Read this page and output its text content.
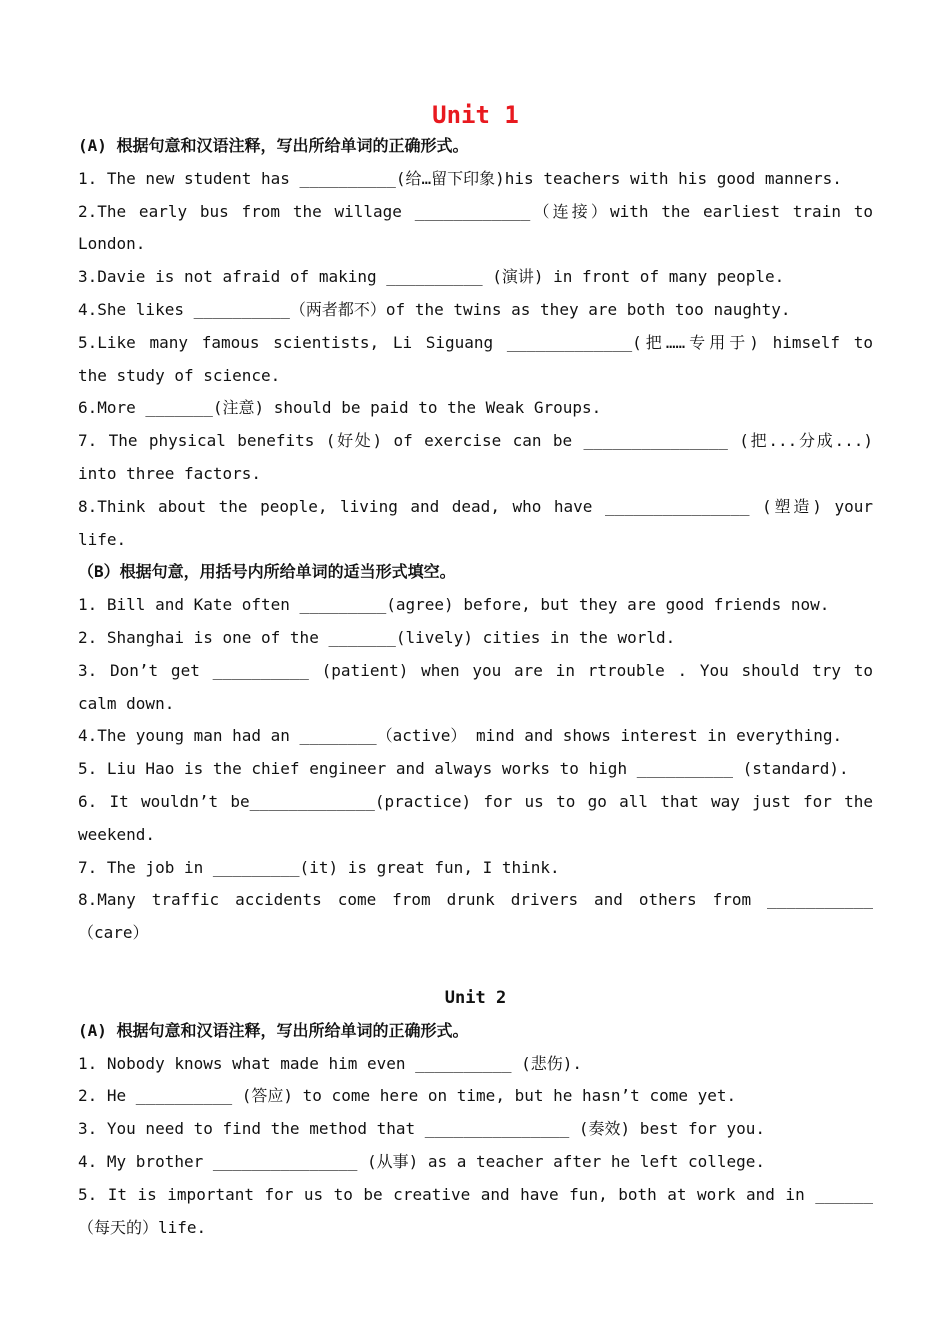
Unit 1
(A) 根据句意和汉语注释，写出所给单词的正确形式。
1. The new student has __________(给…留下印象)his teachers with his good manners.
2.The early bus from the willage ____________（连接）with the earliest train to
London.
3.Davie is not afraid of making __________ (演讲) in front of many people.
4.She likes __________（两者都不）of the twins as they are both too naughty.
5.Like many famous scientists, Li Siguang _____________(把……专用于) himself to
the study of science.
6.More _______(注意) should be paid to the Weak Groups.
7. The physical benefits (好处) of exercise can be _______________ (把...分成...)
into three factors.
8.Think about the people, living and dead, who have _______________ (塑造) your
life.
（B）根据句意，用括号内所给单词的适当形式填空。
1. Bill and Kate often _________(agree) before, but they are good friends now.
2. Shanghai is one of the _______(lively) cities in the world.
3. Don’t get __________ (patient) when you are in rtrouble . You should try to
calm down.
4.The young man had an ________（active） mind and shows interest in everything.
5. Liu Hao is the chief engineer and always works to high __________ (standard).
6. It wouldn’t be_____________(practice) for us to go all that way just for the
weekend.
7. The job in _________(it) is great fun, I think.
8.Many traffic accidents come from drunk drivers and others from ___________
（care）
Unit 2
(A) 根据句意和汉语注释，写出所给单词的正确形式。
1. Nobody knows what made him even __________ (悲伤).
2. He __________ (答应) to come here on time, but he hasn’t come yet.
3. You need to find the method that _______________ (奏效) best for you.
4. My brother _______________ (从事) as a teacher after he left college.
5. It is important for us to be creative and have fun, both at work and in ______
（每天的）life.
